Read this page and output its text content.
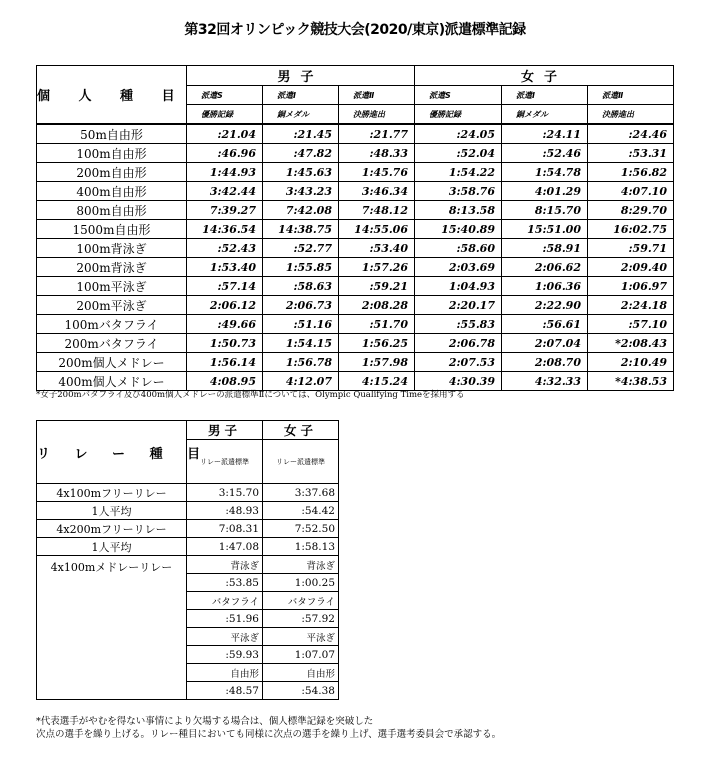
第32回オリンピック競技大会(2020/東京)派遣標準記録
個 人 種 目	男子			女子		
	派遣S	派遣Ⅰ	派遣Ⅱ	派遣S	派遣Ⅰ	派遣Ⅱ
	優勝記録	銅メダル	決勝進出	優勝記録	銅メダル	決勝進出
50m自由形	:21.04	:21.45	:21.77	:24.05	:24.11	:24.46
100m自由形	:46.96	:47.82	:48.33	:52.04	:52.46	:53.31
200m自由形	1:44.93	1:45.63	1:45.76	1:54.22	1:54.78	1:56.82
400m自由形	3:42.44	3:43.23	3:46.34	3:58.76	4:01.29	4:07.10
800m自由形	7:39.27	7:42.08	7:48.12	8:13.58	8:15.70	8:29.70
1500m自由形	14:36.54	14:38.75	14:55.06	15:40.89	15:51.00	16:02.75
100m背泳ぎ	:52.43	:52.77	:53.40	:58.60	:58.91	:59.71
200m背泳ぎ	1:53.40	1:55.85	1:57.26	2:03.69	2:06.62	2:09.40
100m平泳ぎ	:57.14	:58.63	:59.21	1:04.93	1:06.36	1:06.97
200m平泳ぎ	2:06.12	2:06.73	2:08.28	2:20.17	2:22.90	2:24.18
100mバタフライ	:49.66	:51.16	:51.70	:55.83	:56.61	:57.10
200mバタフライ	1:50.73	1:54.15	1:56.25	2:06.78	2:07.04	*2:08.43
200m個人メドレー	1:56.14	1:56.78	1:57.98	2:07.53	2:08.70	2:10.49
400m個人メドレー	4:08.95	4:12.07	4:15.24	4:30.39	4:32.33	*4:38.53
*女子200mバタフライ及び400m個人メドレーの派遣標準Ⅱについては、Olympic Qualifying Timeを採用する
リ レ ー 種 目	男子	女子
	リレー派遣標準	リレー派遣標準
4x100mフリーリレー	3:15.70	3:37.68
1人平均	:48.93	:54.42
4x200mフリーリレー	7:08.31	7:52.50
1人平均	1:47.08	1:58.13
4x100mメドレーリレー	背泳ぎ	背泳ぎ
	:53.85	1:00.25
	バタフライ	バタフライ
	:51.96	:57.92
	平泳ぎ	平泳ぎ
	:59.93	1:07.07
	自由形	自由形
	:48.57	:54.38
*代表選手がやむを得ない事情により欠場する場合は、個人標準記録を突破した
次点の選手を繰り上げる。リレー種目においても同様に次点の選手を繰り上げ、選手選考委員会で承認する。
